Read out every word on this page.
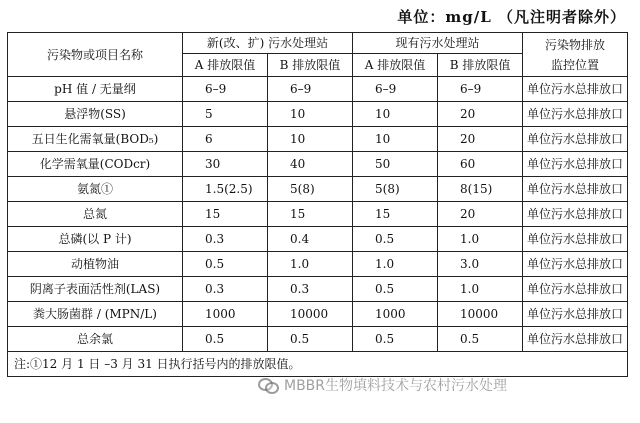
单位：mg/L （凡注明者除外）
污染物或项目名称	新(改、扩) 污水处理站		现有污水处理站		污染物排放
监控位置

	A 排放限值	B 排放限值	A 排放限值	B 排放限值	
pH 值 / 无量纲	6–9	6–9	6–9	6–9	单位污水总排放口
悬浮物(SS)	5	10	10	20	单位污水总排放口
五日生化需氧量(BOD₅)	6	10	10	20	单位污水总排放口
化学需氧量(CODcr)	30	40	50	60	单位污水总排放口
氨氮①	1.5(2.5)	5(8)	5(8)	8(15)	单位污水总排放口
总氮	15	15	15	20	单位污水总排放口
总磷(以 P 计)	0.3	0.4	0.5	1.0	单位污水总排放口
动植物油	0.5	1.0	1.0	3.0	单位污水总排放口
阴离子表面活性剂(LAS)	0.3	0.3	0.5	1.0	单位污水总排放口
粪大肠菌群 / (MPN/L)	1000	10000	1000	10000	单位污水总排放口
总余氯	0.5	0.5	0.5	0.5	单位污水总排放口
注:①12 月 1 日 –3 月 31 日执行括号内的排放限值。					
MBBR生物填料技术与农村污水处理
